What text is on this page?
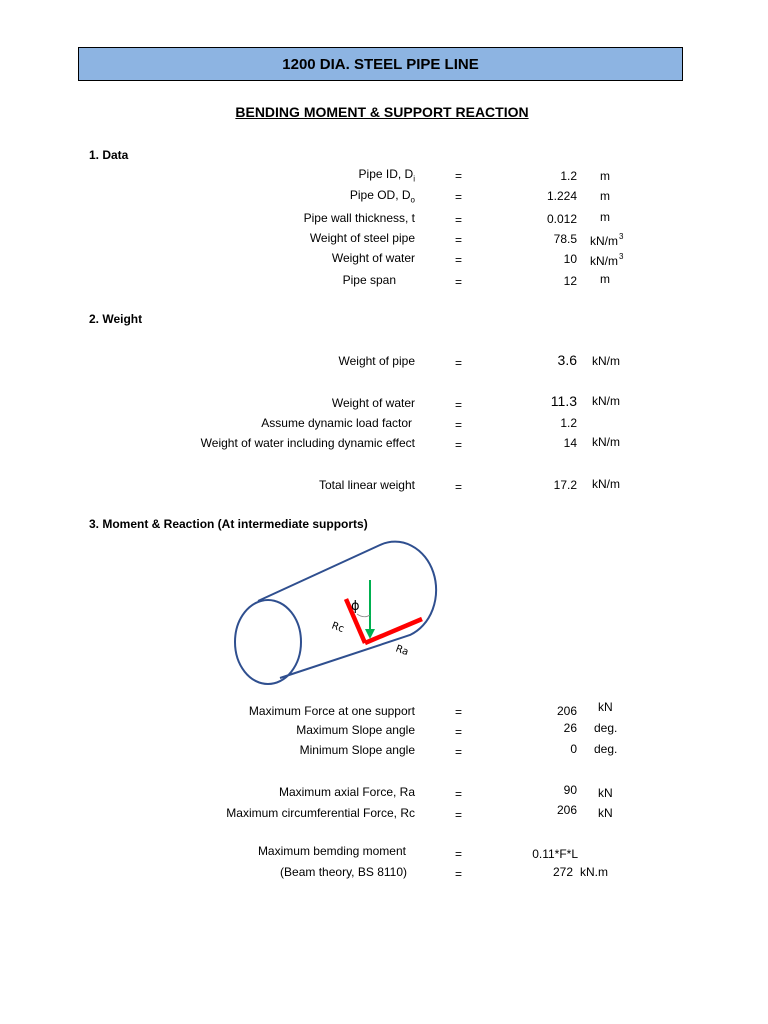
1200 DIA. STEEL PIPE LINE
BENDING MOMENT & SUPPORT REACTION
1. Data
Pipe ID, $D_i$	=	1.2 m
Pipe OD, $D_o$	=	1.224 m
Pipe wall thickness, t	=	0.012 m
Weight of steel pipe	=	78.5 $kN/m^3$
Weight of water	=	10 $kN/m^3$
Pipe span	=	12 m
2. Weight
Weight of pipe	=	3.6 kN/m
Weight of water	=	11.3 kN/m
Assume dynamic load factor	=	1.2
Weight of water including dynamic effect	=	14 kN/m
Total linear weight	=	17.2 kN/m
3. Moment & Reaction (At intermediate supports)
ϕ
Rc
Ra
Maximum Force at one support	=	206 kN
Maximum Slope angle	=	26 deg.
Minimum Slope angle	=	0 deg.
Maximum axial Force, Ra	=	90 kN
Maximum circumferential Force, Rc	=	206 kN
Maximum bemding moment	=	0.11*F*L
(Beam theory, BS 8110)	=	272 kN.m
